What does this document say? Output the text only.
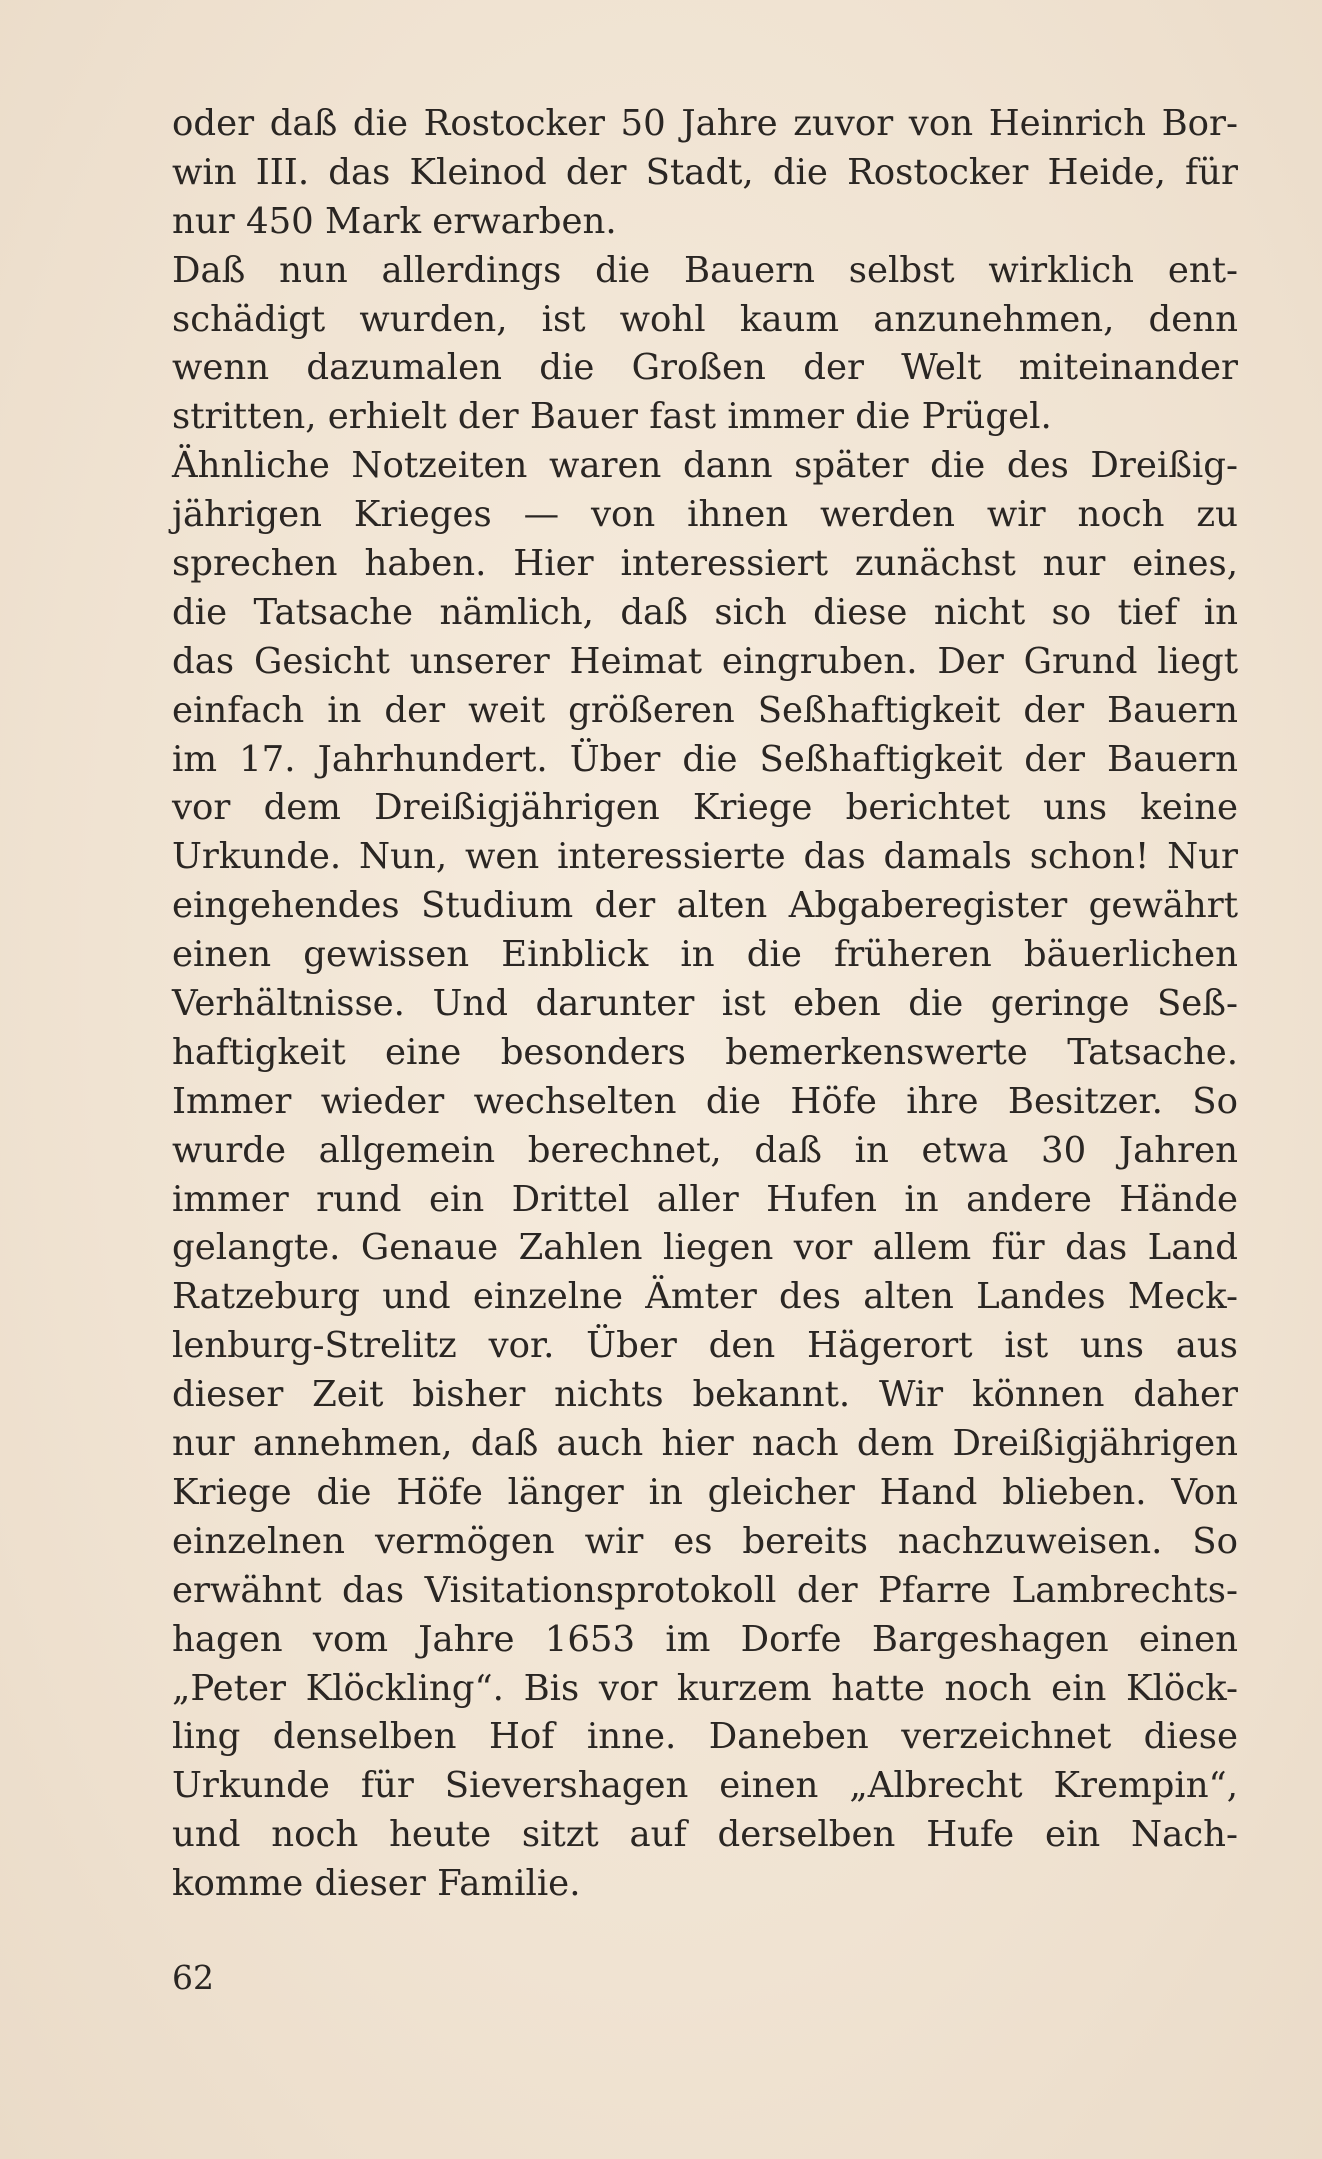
oder daß die Rostocker 50 Jahre zuvor von Heinrich Bor-
win III. das Kleinod der Stadt, die Rostocker Heide, für
nur 450 Mark erwarben.
Daß nun allerdings die Bauern selbst wirklich ent-
schädigt wurden, ist wohl kaum anzunehmen, denn
wenn dazumalen die Großen der Welt miteinander
stritten, erhielt der Bauer fast immer die Prügel.
Ähnliche Notzeiten waren dann später die des Dreißig-
jährigen Krieges — von ihnen werden wir noch zu
sprechen haben. Hier interessiert zunächst nur eines,
die Tatsache nämlich, daß sich diese nicht so tief in
das Gesicht unserer Heimat eingruben. Der Grund liegt
einfach in der weit größeren Seßhaftigkeit der Bauern
im 17. Jahrhundert. Über die Seßhaftigkeit der Bauern
vor dem Dreißigjährigen Kriege berichtet uns keine
Urkunde. Nun, wen interessierte das damals schon! Nur
eingehendes Studium der alten Abgaberegister gewährt
einen gewissen Einblick in die früheren bäuerlichen
Verhältnisse. Und darunter ist eben die geringe Seß-
haftigkeit eine besonders bemerkenswerte Tatsache.
Immer wieder wechselten die Höfe ihre Besitzer. So
wurde allgemein berechnet, daß in etwa 30 Jahren
immer rund ein Drittel aller Hufen in andere Hände
gelangte. Genaue Zahlen liegen vor allem für das Land
Ratzeburg und einzelne Ämter des alten Landes Meck-
lenburg-Strelitz vor. Über den Hägerort ist uns aus
dieser Zeit bisher nichts bekannt. Wir können daher
nur annehmen, daß auch hier nach dem Dreißigjährigen
Kriege die Höfe länger in gleicher Hand blieben. Von
einzelnen vermögen wir es bereits nachzuweisen. So
erwähnt das Visitationsprotokoll der Pfarre Lambrechts-
hagen vom Jahre 1653 im Dorfe Bargeshagen einen
„Peter Klöckling“. Bis vor kurzem hatte noch ein Klöck-
ling denselben Hof inne. Daneben verzeichnet diese
Urkunde für Sievershagen einen „Albrecht Krempin“,
und noch heute sitzt auf derselben Hufe ein Nach-
komme dieser Familie.
62
